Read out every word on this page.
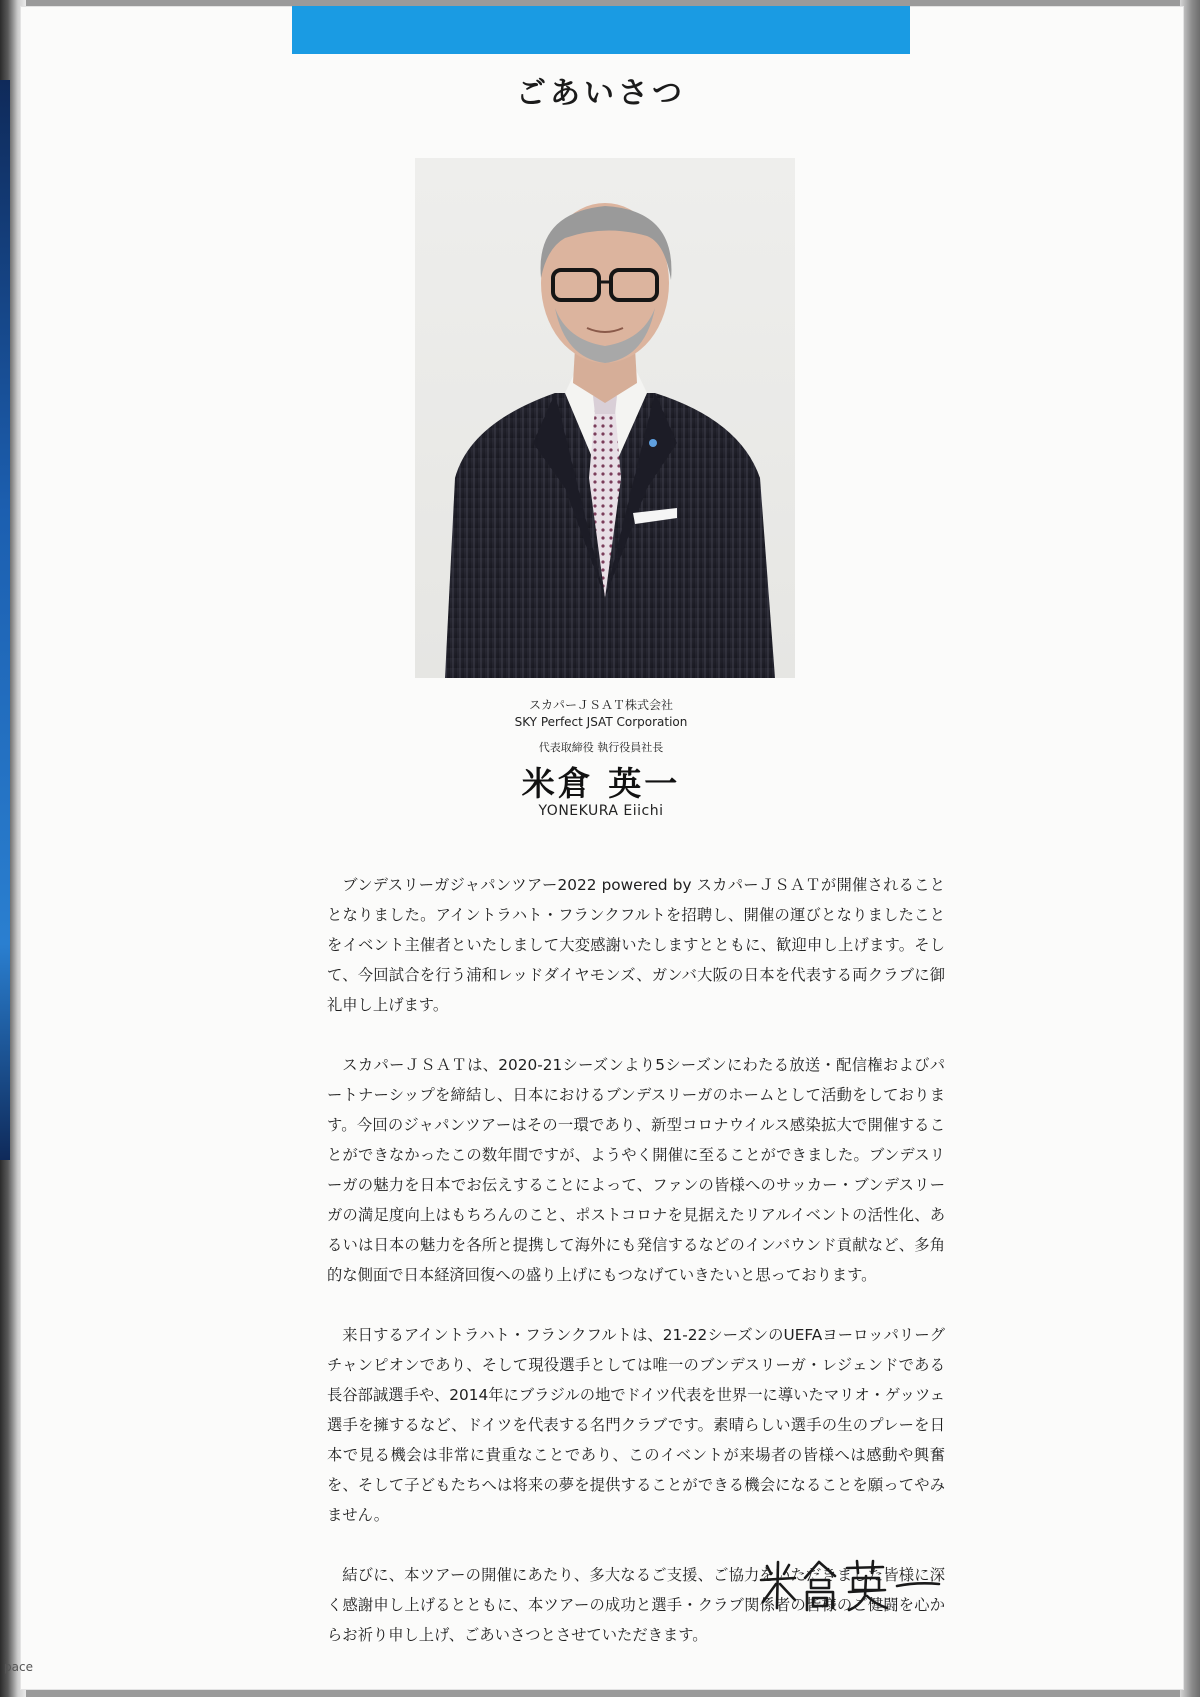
ごあいさつ
スカパーＪＳＡＴ株式会社
SKY Perfect JSAT Corporation
代表取締役 執行役員社長
米倉 英一
YONEKURA Eiichi

ブンデスリーガジャパンツアー2022 powered by スカパーＪＳＡＴが開催されることとなりました。アイントラハト・フランクフルトを招聘し、開催の運びとなりましたことをイベント主催者といたしまして大変感謝いたしますとともに、歓迎申し上げます。そして、今回試合を行う浦和レッドダイヤモンズ、ガンバ大阪の日本を代表する両クラブに御礼申し上げます。

スカパーＪＳＡＴは、2020-21シーズンより5シーズンにわたる放送・配信権およびパートナーシップを締結し、日本におけるブンデスリーガのホームとして活動をしております。今回のジャパンツアーはその一環であり、新型コロナウイルス感染拡大で開催することができなかったこの数年間ですが、ようやく開催に至ることができました。ブンデスリーガの魅力を日本でお伝えすることによって、ファンの皆様へのサッカー・ブンデスリーガの満足度向上はもちろんのこと、ポストコロナを見据えたリアルイベントの活性化、あるいは日本の魅力を各所と提携して海外にも発信するなどのインバウンド貢献など、多角的な側面で日本経済回復への盛り上げにもつなげていきたいと思っております。

来日するアイントラハト・フランクフルトは、21-22シーズンのUEFAヨーロッパリーグチャンピオンであり、そして現役選手としては唯一のブンデスリーガ・レジェンドである長谷部誠選手や、2014年にブラジルの地でドイツ代表を世界一に導いたマリオ・ゲッツェ選手を擁するなど、ドイツを代表する名門クラブです。素晴らしい選手の生のプレーを日本で見る機会は非常に貴重なことであり、このイベントが来場者の皆様へは感動や興奮を、そして子どもたちへは将来の夢を提供することができる機会になることを願ってやみません。

結びに、本ツアーの開催にあたり、多大なるご支援、ご協力をいただきました皆様に深く感謝申し上げるとともに、本ツアーの成功と選手・クラブ関係者の皆様のご健闘を心からお祈り申し上げ、ごあいさつとさせていただきます。

pace
